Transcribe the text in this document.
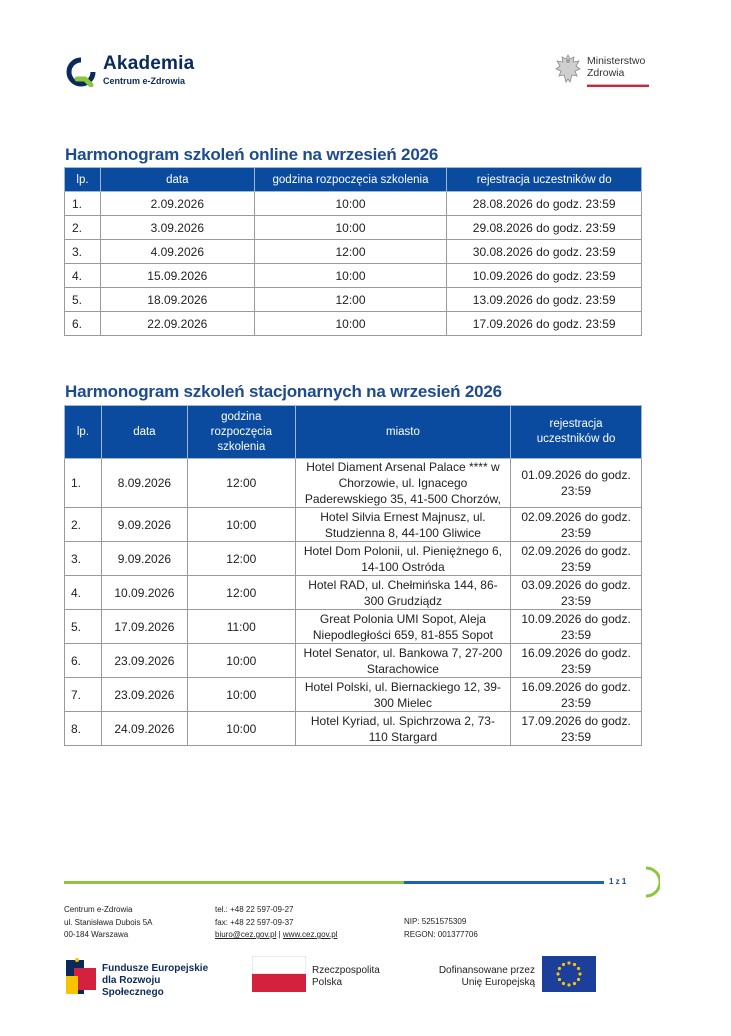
Akademia
Centrum e-Zdrowia
Ministerstwo
Zdrowia
Harmonogram szkoleń online na wrzesień 2026
lp.	data	godzina rozpoczęcia szkolenia	rejestracja uczestników do
1.	2.09.2026	10:00	28.08.2026 do godz. 23:59
2.	3.09.2026	10:00	29.08.2026 do godz. 23:59
3.	4.09.2026	12:00	30.08.2026 do godz. 23:59
4.	15.09.2026	10:00	10.09.2026 do godz. 23:59
5.	18.09.2026	12:00	13.09.2026 do godz. 23:59
6.	22.09.2026	10:00	17.09.2026 do godz. 23:59
Harmonogram szkoleń stacjonarnych na wrzesień 2026
lp.	data	godzina rozpoczęcia szkolenia	miasto	rejestracja uczestników do
1.	8.09.2026	12:00	Hotel Diament Arsenal Palace **** w Chorzowie, ul. Ignacego Paderewskiego 35, 41-500 Chorzów,	01.09.2026 do godz. 23:59
2.	9.09.2026	10:00	Hotel Silvia Ernest Majnusz, ul. Studzienna 8, 44-100 Gliwice	02.09.2026 do godz. 23:59
3.	9.09.2026	12:00	Hotel Dom Polonii, ul. Pieniężnego 6, 14-100 Ostróda	02.09.2026 do godz. 23:59
4.	10.09.2026	12:00	Hotel RAD, ul. Chełmińska 144, 86-300 Grudziądz	03.09.2026 do godz. 23:59
5.	17.09.2026	11:00	Great Polonia UMI Sopot, Aleja Niepodległości 659, 81-855 Sopot	10.09.2026 do godz. 23:59
6.	23.09.2026	10:00	Hotel Senator, ul. Bankowa 7, 27-200 Starachowice	16.09.2026 do godz. 23:59
7.	23.09.2026	10:00	Hotel Polski, ul. Biernackiego 12, 39-300 Mielec	16.09.2026 do godz. 23:59
8.	24.09.2026	10:00	Hotel Kyriad, ul. Spichrzowa 2, 73-110 Stargard	17.09.2026 do godz. 23:59
1 z 1
Centrum e-Zdrowia
ul. Stanisława Dubois 5A
00-184 Warszawa
tel.: +48 22 597-09-27
fax: +48 22 597-09-37
biuro@cez.gov.pl | www.cez.gov.pl
NIP: 5251575309
REGON: 001377706
Fundusze Europejskie
dla Rozwoju Społecznego
Rzeczpospolita
Polska
Dofinansowane przez
Unię Europejską
